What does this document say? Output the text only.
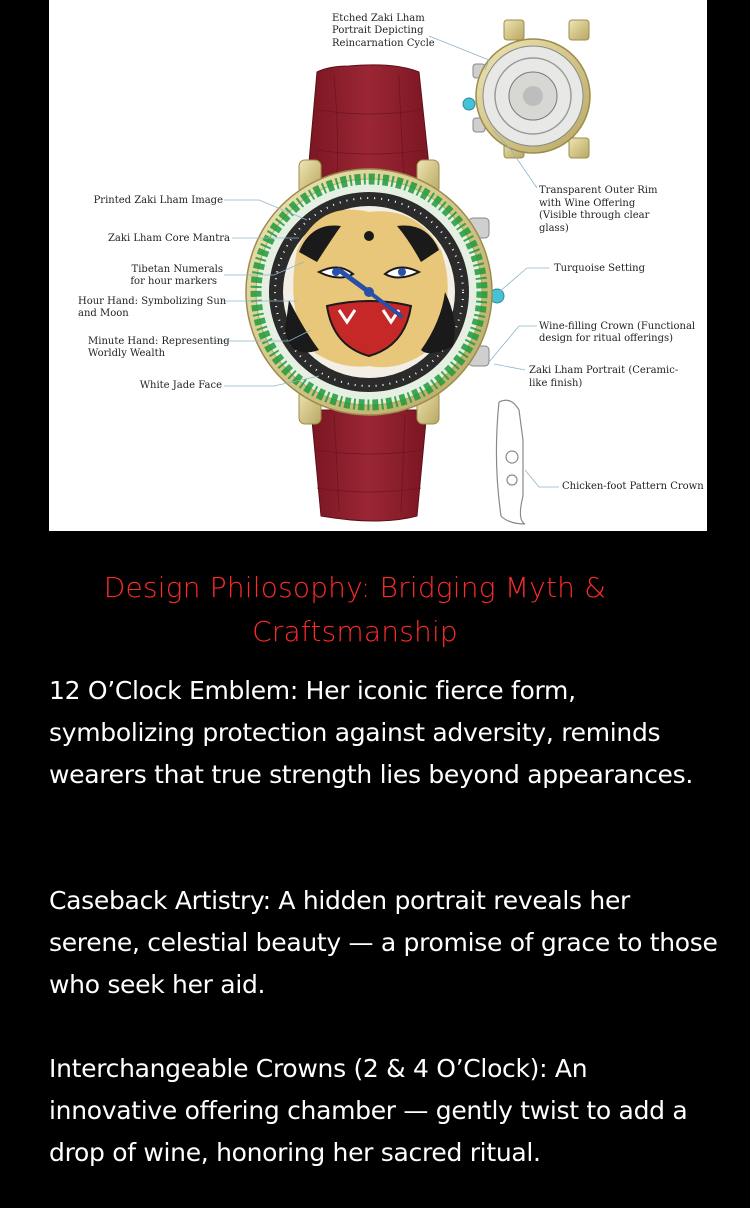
Etched Zaki Lham
Portrait Depicting
Reincarnation Cycle
Printed Zaki Lham Image
Zaki Lham Core Mantra
Tibetan Numerals
for hour markers
Hour Hand: Symbolizing Sun
and Moon
Minute Hand: Representing
Worldly Wealth
White Jade Face
Transparent Outer Rim
with Wine Offering
(Visible through clear
glass)
Turquoise Setting
Wine-filling Crown (Functional
design for ritual offerings)
Zaki Lham Portrait (Ceramic-
like finish)
Chicken-foot Pattern Crown
Design Philosophy: Bridging Myth & Craftsmanship

12 O’Clock Emblem: Her iconic fierce form, symbolizing protection against adversity, reminds wearers that true strength lies beyond appearances.

Caseback Artistry: A hidden portrait reveals her serene, celestial beauty — a promise of grace to those who seek her aid.

Interchangeable Crowns (2 & 4 O’Clock): An innovative offering chamber — gently twist to add a drop of wine, honoring her sacred ritual.
